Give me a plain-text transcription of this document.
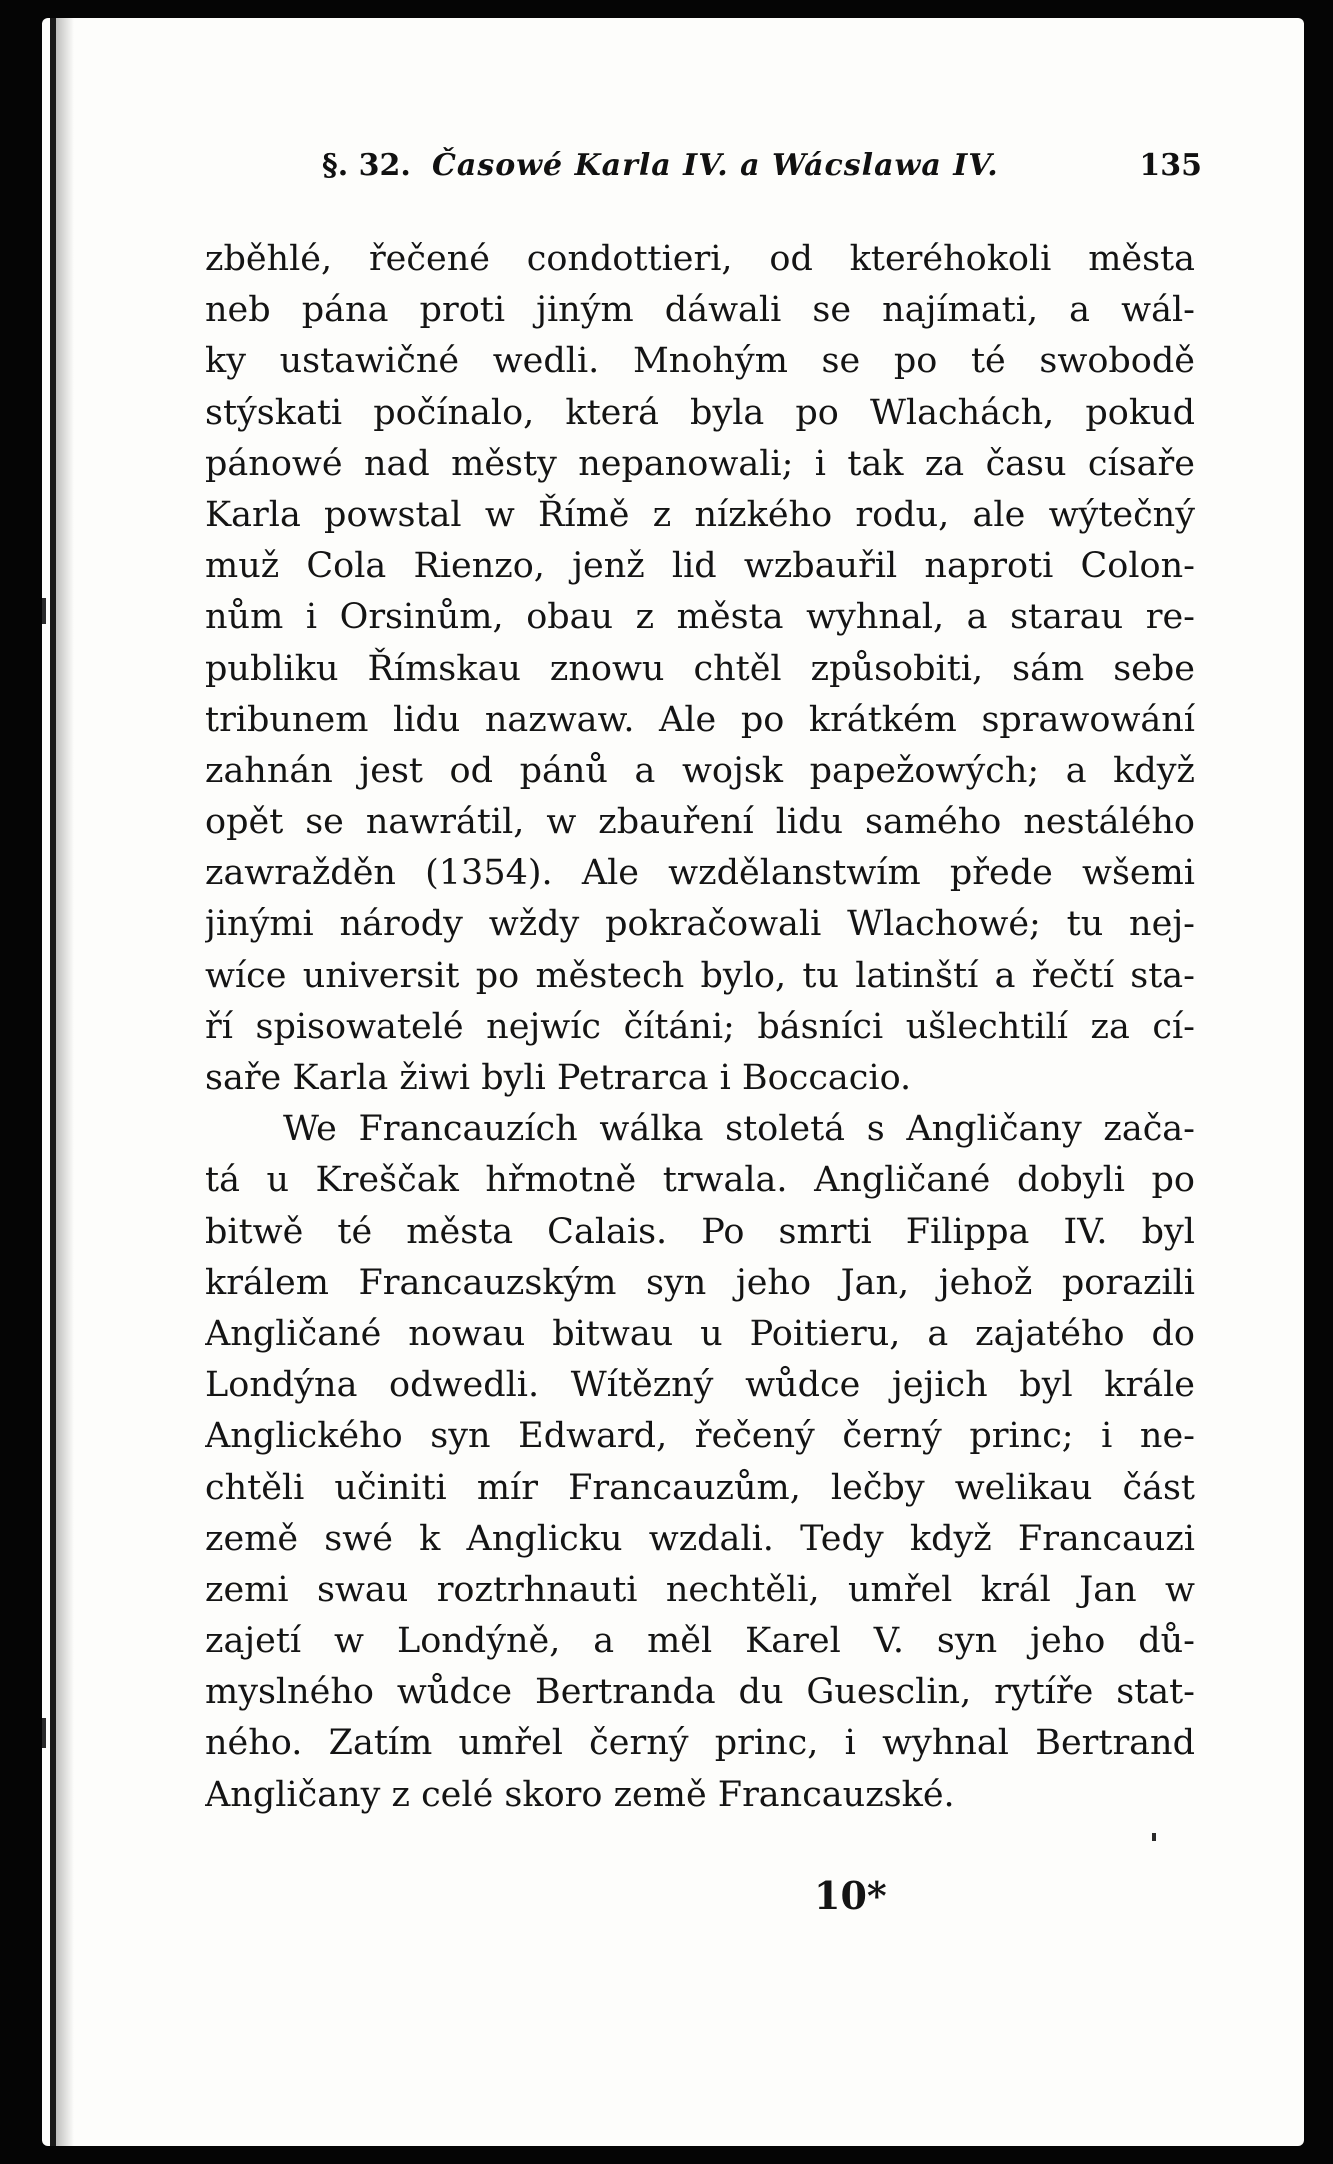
§. 32. Časowé Karla IV. a Wácslawa IV.	135
zběhlé, řečené condottieri, od kteréhokoli města
neb pána proti jiným dáwali se najímati, a wál-
ky ustawičné wedli. Mnohým se po té swobodě
stýskati počínalo, která byla po Wlachách, pokud
pánowé nad městy nepanowali; i tak za času císaře
Karla powstal w Římě z nízkého rodu, ale wýtečný
muž Cola Rienzo, jenž lid wzbauřil naproti Colon-
nům i Orsinům, obau z města wyhnal, a starau re-
publiku Římskau znowu chtěl způsobiti, sám sebe
tribunem lidu nazwaw. Ale po krátkém sprawowání
zahnán jest od pánů a wojsk papežowých; a když
opět se nawrátil, w zbauření lidu samého nestálého
zawražděn (1354). Ale wzdělanstwím přede wšemi
jinými národy wždy pokračowali Wlachowé; tu nej-
wíce universit po městech bylo, tu latinští a řečtí sta-
ří spisowatelé nejwíc čítáni; básníci ušlechtilí za cí-
saře Karla žiwi byli Petrarca i Boccacio.
We Francauzích wálka stoletá s Angličany zača-
tá u Kreščak hřmotně trwala. Angličané dobyli po
bitwě té města Calais. Po smrti Filippa IV. byl
králem Francauzským syn jeho Jan, jehož porazili
Angličané nowau bitwau u Poitieru, a zajatého do
Londýna odwedli. Wítězný wůdce jejich byl krále
Anglického syn Edward, řečený černý princ; i ne-
chtěli učiniti mír Francauzům, lečby welikau část
země swé k Anglicku wzdali. Tedy když Francauzi
zemi swau roztrhnauti nechtěli, umřel král Jan w
zajetí w Londýně, a měl Karel V. syn jeho dů-
myslného wůdce Bertranda du Guesclin, rytíře stat-
ného. Zatím umřel černý princ, i wyhnal Bertrand
Angličany z celé skoro země Francauzské.
10*
